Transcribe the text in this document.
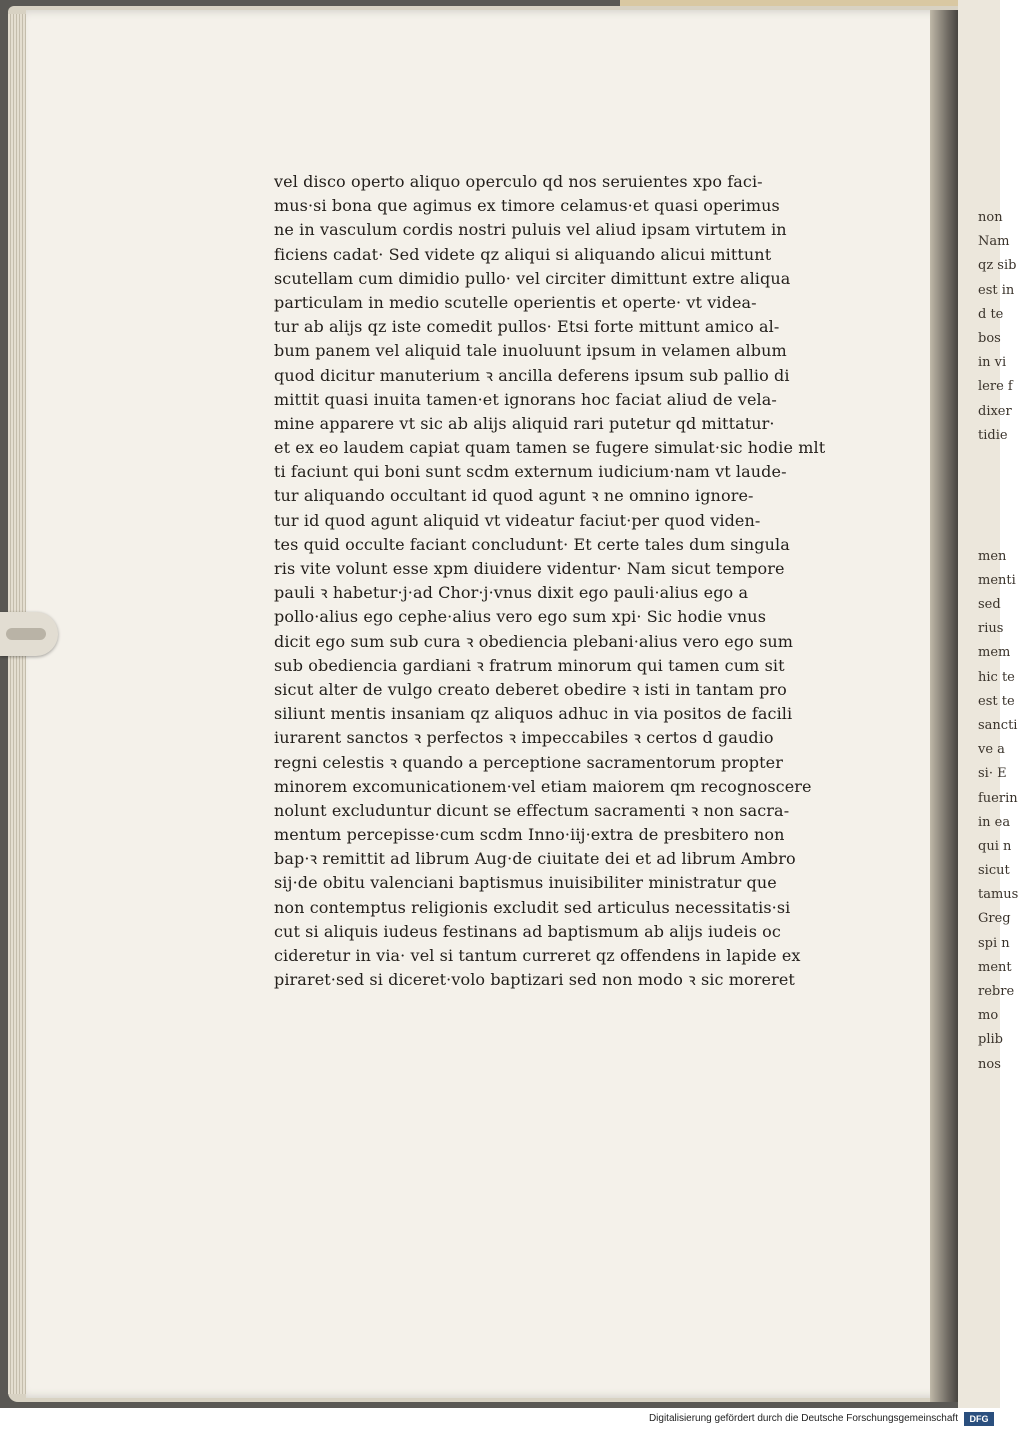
vel disco operto aliquo operculo qd nos seruientes xpo faci-
mus·si bona que agimus ex timore celamus·et quasi operimus
ne in vasculum cordis nostri puluis vel aliud ipsam virtutem in
ficiens cadat· Sed videte qz aliqui si aliquando alicui mittunt
scutellam cum dimidio pullo· vel circiter dimittunt extre aliqua
particulam in medio scutelle operientis et operte· vt videa-
tur ab alijs qz iste comedit pullos· Etsi forte mittunt amico al-
bum panem vel aliquid tale inuoluunt ipsum in velamen album
quod dicitur manuterium ꝛ ancilla deferens ipsum sub pallio di
mittit quasi inuita tamen·et ignorans hoc faciat aliud de vela-
mine apparere vt sic ab alijs aliquid rari putetur qd mittatur·
et ex eo laudem capiat quam tamen se fugere simulat·sic hodie mlt
ti faciunt qui boni sunt scdm externum iudicium·nam vt laude-
tur aliquando occultant id quod agunt ꝛ ne omnino ignore-
tur id quod agunt aliquid vt videatur faciut·per quod viden-
tes quid occulte faciant concludunt· Et certe tales dum singula
ris vite volunt esse xpm diuidere videntur· Nam sicut tempore
pauli ꝛ habetur·j·ad Chor·j·vnus dixit ego pauli·alius ego a
pollo·alius ego cephe·alius vero ego sum xpi· Sic hodie vnus
dicit ego sum sub cura ꝛ obediencia plebani·alius vero ego sum
sub obediencia gardiani ꝛ fratrum minorum qui tamen cum sit
sicut alter de vulgo creato deberet obedire ꝛ isti in tantam pro
siliunt mentis insaniam qz aliquos adhuc in via positos de facili
iurarent sanctos ꝛ perfectos ꝛ impeccabiles ꝛ certos d gaudio
regni celestis ꝛ quando a perceptione sacramentorum propter
minorem excomunicationem·vel etiam maiorem qm recognoscere
nolunt excluduntur dicunt se effectum sacramenti ꝛ non sacra-
mentum percepisse·cum scdm Inno·iij·extra de presbitero non
bap·ꝛ remittit ad librum Aug·de ciuitate dei et ad librum Ambro
sij·de obitu valenciani baptismus inuisibiliter ministratur que
non contemptus religionis excludit sed articulus necessitatis·si
cut si aliquis iudeus festinans ad baptismum ab alijs iudeis oc
cideretur in via· vel si tantum curreret qz offendens in lapide ex
piraret·sed si diceret·volo baptizari sed non modo ꝛ sic moreret
non
Nam
qz sib
est in
d te
bos
in vi
lere f
dixer
tidie
men
menti
sed
rius
mem
hic te
est te
sancti
ve a
si· E
fuerin
in ea
qui n
sicut
tamus
Greg
spi n
ment
rebre
mo
plib
nos
Digitalisierung gefördert durch die Deutsche Forschungsgemeinschaft	DFG
